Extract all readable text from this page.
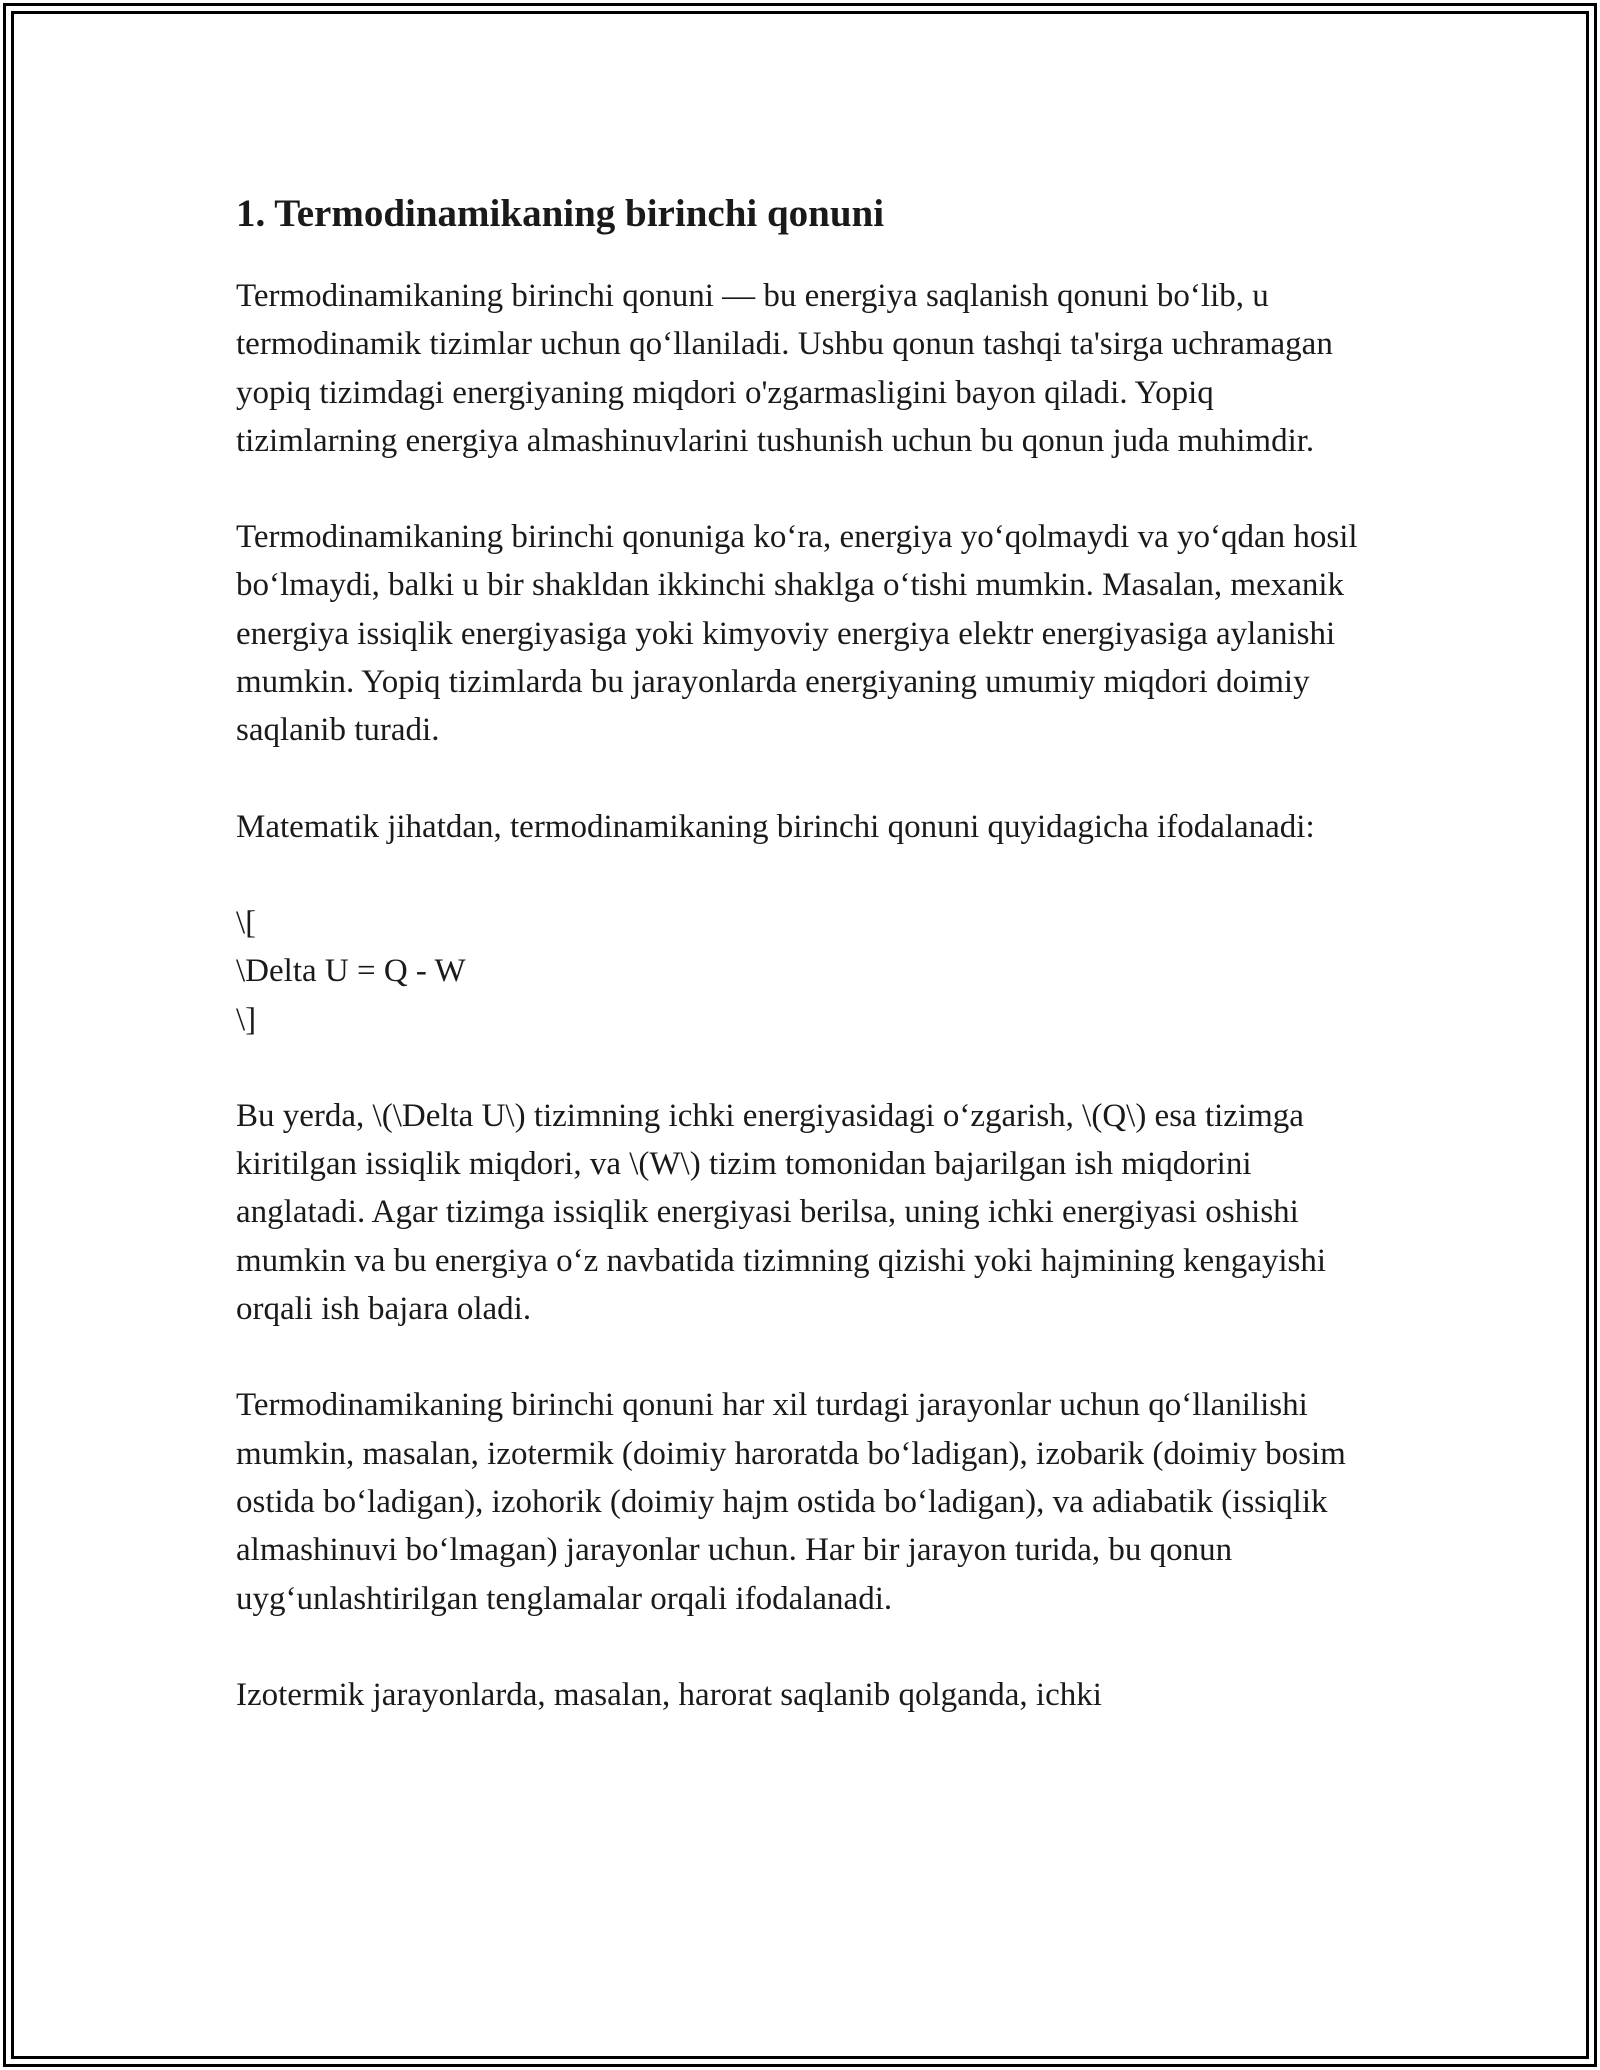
1. Termodinamikaning birinchi qonuni

Termodinamikaning birinchi qonuni — bu energiya saqlanish qonuni bo‘lib, u termodinamik tizimlar uchun qo‘llaniladi. Ushbu qonun tashqi ta'sirga uchramagan yopiq tizimdagi energiyaning miqdori o'zgarmasligini bayon qiladi. Yopiq tizimlarning energiya almashinuvlarini tushunish uchun bu qonun juda muhimdir.

Termodinamikaning birinchi qonuniga ko‘ra, energiya yo‘qolmaydi va yo‘qdan hosil bo‘lmaydi, balki u bir shakldan ikkinchi shaklga o‘tishi mumkin. Masalan, mexanik energiya issiqlik energiyasiga yoki kimyoviy energiya elektr energiyasiga aylanishi mumkin. Yopiq tizimlarda bu jarayonlarda energiyaning umumiy miqdori doimiy saqlanib turadi.

Matematik jihatdan, termodinamikaning birinchi qonuni quyidagicha ifodalanadi:

\[
\Delta U = Q - W
\]

Bu yerda, \(\Delta U\) tizimning ichki energiyasidagi o‘zgarish, \(Q\) esa tizimga kiritilgan issiqlik miqdori, va \(W\) tizim tomonidan bajarilgan ish miqdorini anglatadi. Agar tizimga issiqlik energiyasi berilsa, uning ichki energiyasi oshishi mumkin va bu energiya o‘z navbatida tizimning qizishi yoki hajmining kengayishi orqali ish bajara oladi.

Termodinamikaning birinchi qonuni har xil turdagi jarayonlar uchun qo‘llanilishi mumkin, masalan, izotermik (doimiy haroratda bo‘ladigan), izobarik (doimiy bosim ostida bo‘ladigan), izohorik (doimiy hajm ostida bo‘ladigan), va adiabatik (issiqlik almashinuvi bo‘lmagan) jarayonlar uchun. Har bir jarayon turida, bu qonun uyg‘unlashtirilgan tenglamalar orqali ifodalanadi.

Izotermik jarayonlarda, masalan, harorat saqlanib qolganda, ichki
